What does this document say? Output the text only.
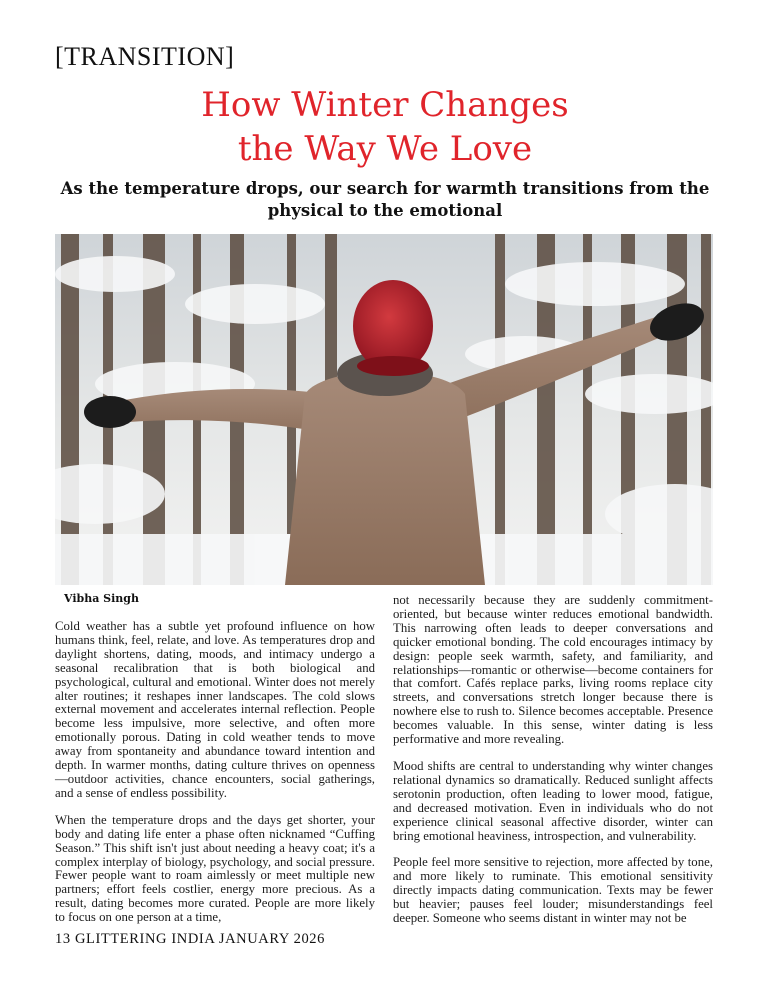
[TRANSITION]
How Winter Changes
the Way We Love

As the temperature drops, our search for warmth transitions from the physical to the emotional

Vibha Singh

Cold weather has a subtle yet profound influence on how humans think, feel, relate, and love. As temperatures drop and daylight shortens, dating, moods, and intimacy undergo a seasonal recalibration that is both biological and psychological, cultural and emotional. Winter does not merely alter routines; it reshapes inner landscapes. The cold slows external movement and accelerates internal reflection. People become less impulsive, more selective, and often more emotionally porous. Dating in cold weather tends to move away from spontaneity and abundance toward intention and depth. In warmer months, dating culture thrives on openness—outdoor activities, chance encounters, social gatherings, and a sense of endless possibility.

When the temperature drops and the days get shorter, your body and dating life enter a phase often nicknamed “Cuffing Season.” This shift isn't just about needing a heavy coat; it's a complex interplay of biology, psychology, and social pressure. Fewer people want to roam aimlessly or meet multiple new partners; effort feels costlier, energy more precious. As a result, dating becomes more curated. People are more likely to focus on one person at a time,

not necessarily because they are suddenly commitment-oriented, but because winter reduces emotional bandwidth. This narrowing often leads to deeper conversations and quicker emotional bonding. The cold encourages intimacy by design: people seek warmth, safety, and familiarity, and relationships—romantic or otherwise—become containers for that comfort. Cafés replace parks, living rooms replace city streets, and conversations stretch longer because there is nowhere else to rush to. Silence becomes acceptable. Presence becomes valuable. In this sense, winter dating is less performative and more revealing.

Mood shifts are central to understanding why winter changes relational dynamics so dramatically. Reduced sunlight affects serotonin production, often leading to lower mood, fatigue, and decreased motivation. Even in individuals who do not experience clinical seasonal affective disorder, winter can bring emotional heaviness, introspection, and vulnerability.

People feel more sensitive to rejection, more affected by tone, and more likely to ruminate. This emotional sensitivity directly impacts dating communication. Texts may be fewer but heavier; pauses feel louder; misunderstandings feel deeper. Someone who seems distant in winter may not be

13 GLITTERING INDIA JANUARY 2026
